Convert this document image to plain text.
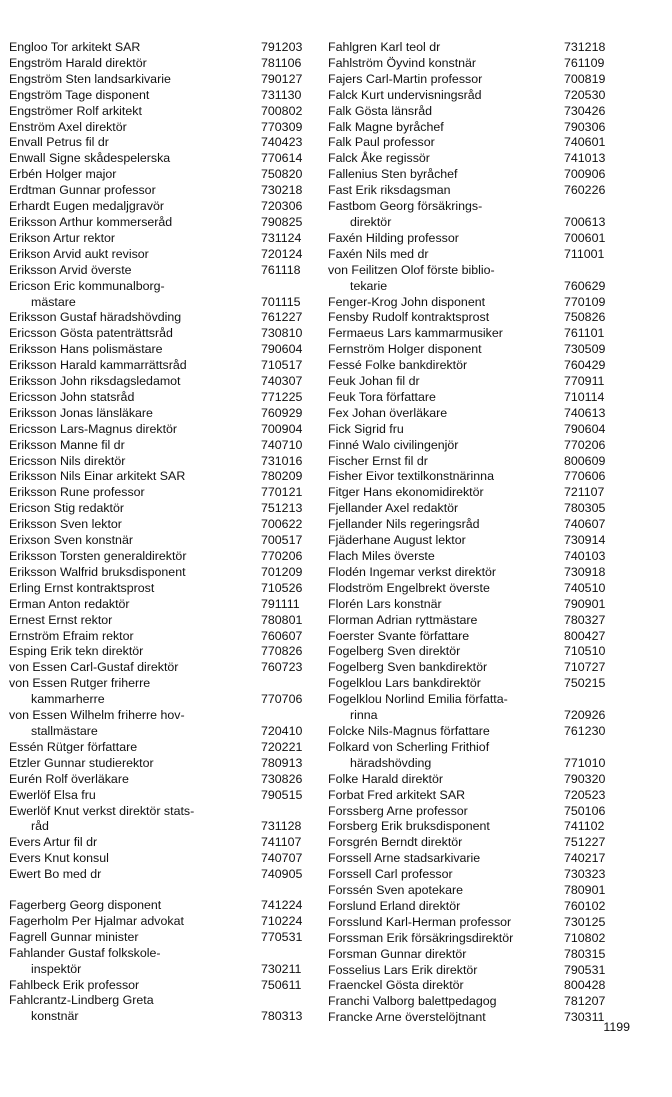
Engloo Tor arkitekt SAR	791203
Engström Harald direktör	781106
Engström Sten landsarkivarie	790127
Engström Tage disponent	731130
Engströmer Rolf arkitekt	700802
Enström Axel direktör	770309
Envall Petrus fil dr	740423
Enwall Signe skådespelerska	770614
Erbén Holger major	750820
Erdtman Gunnar professor	730218
Erhardt Eugen medaljgravör	720306
Eriksson Arthur kommerseråd	790825
Erikson Artur rektor	731124
Erikson Arvid aukt revisor	720124
Eriksson Arvid överste	761118
Ericson Eric kommunalborg-
mästare	701115
Eriksson Gustaf häradshövding	761227
Ericsson Gösta patenträttsråd	730810
Eriksson Hans polismästare	790604
Eriksson Harald kammarrättsråd	710517
Eriksson John riksdagsledamot	740307
Ericsson John statsråd	771225
Eriksson Jonas länsläkare	760929
Ericsson Lars-Magnus direktör	700904
Eriksson Manne fil dr	740710
Ericsson Nils direktör	731016
Eriksson Nils Einar arkitekt SAR	780209
Eriksson Rune professor	770121
Ericson Stig redaktör	751213
Eriksson Sven lektor	700622
Erixson Sven konstnär	700517
Eriksson Torsten generaldirektör	770206
Eriksson Walfrid bruksdisponent	701209
Erling Ernst kontraktsprost	710526
Erman Anton redaktör	791111
Ernest Ernst rektor	780801
Ernström Efraim rektor	760607
Esping Erik tekn direktör	770826
von Essen Carl-Gustaf direktör	760723
von Essen Rutger friherre
kammarherre	770706
von Essen Wilhelm friherre hov-
stallmästare	720410
Essén Rütger författare	720221
Etzler Gunnar studierektor	780913
Eurén Rolf överläkare	730826
Ewerlöf Elsa fru	790515
Ewerlöf Knut verkst direktör stats-
råd	731128
Evers Artur fil dr	741107
Evers Knut konsul	740707
Ewert Bo med dr	740905
Fagerberg Georg disponent	741224
Fagerholm Per Hjalmar advokat	710224
Fagrell Gunnar minister	770531
Fahlander Gustaf folkskole-
inspektör	730211
Fahlbeck Erik professor	750611
Fahlcrantz-Lindberg Greta
konstnär	780313
Fahlgren Karl teol dr	731218
Fahlström Öyvind konstnär	761109
Fajers Carl-Martin professor	700819
Falck Kurt undervisningsråd	720530
Falk Gösta länsråd	730426
Falk Magne byråchef	790306
Falk Paul professor	740601
Falck Åke regissör	741013
Fallenius Sten byråchef	700906
Fast Erik riksdagsman	760226
Fastbom Georg försäkrings-
direktör	700613
Faxén Hilding professor	700601
Faxén Nils med dr	711001
von Feilitzen Olof förste biblio-
tekarie	760629
Fenger-Krog John disponent	770109
Fensby Rudolf kontraktsprost	750826
Fermaeus Lars kammarmusiker	761101
Fernström Holger disponent	730509
Fessé Folke bankdirektör	760429
Feuk Johan fil dr	770911
Feuk Tora författare	710114
Fex Johan överläkare	740613
Fick Sigrid fru	790604
Finné Walo civilingenjör	770206
Fischer Ernst fil dr	800609
Fisher Eivor textilkonstnärinna	770606
Fitger Hans ekonomidirektör	721107
Fjellander Axel redaktör	780305
Fjellander Nils regeringsråd	740607
Fjäderhane August lektor	730914
Flach Miles överste	740103
Flodén Ingemar verkst direktör	730918
Flodström Engelbrekt överste	740510
Florén Lars konstnär	790901
Florman Adrian ryttmästare	780327
Foerster Svante författare	800427
Fogelberg Sven direktör	710510
Fogelberg Sven bankdirektör	710727
Fogelklou Lars bankdirektör	750215
Fogelklou Norlind Emilia författa-
rinna	720926
Folcke Nils-Magnus författare	761230
Folkard von Scherling Frithiof
häradshövding	771010
Folke Harald direktör	790320
Forbat Fred arkitekt SAR	720523
Forssberg Arne professor	750106
Forsberg Erik bruksdisponent	741102
Forsgrén Berndt direktör	751227
Forssell Arne stadsarkivarie	740217
Forssell Carl professor	730323
Forssén Sven apotekare	780901
Forslund Erland direktör	760102
Forsslund Karl-Herman professor	730125
Forssman Erik försäkringsdirektör	710802
Forsman Gunnar direktör	780315
Fosselius Lars Erik direktör	790531
Fraenckel Gösta direktör	800428
Franchi Valborg balettpedagog	781207
Francke Arne överstelöjtnant	730311
1199
